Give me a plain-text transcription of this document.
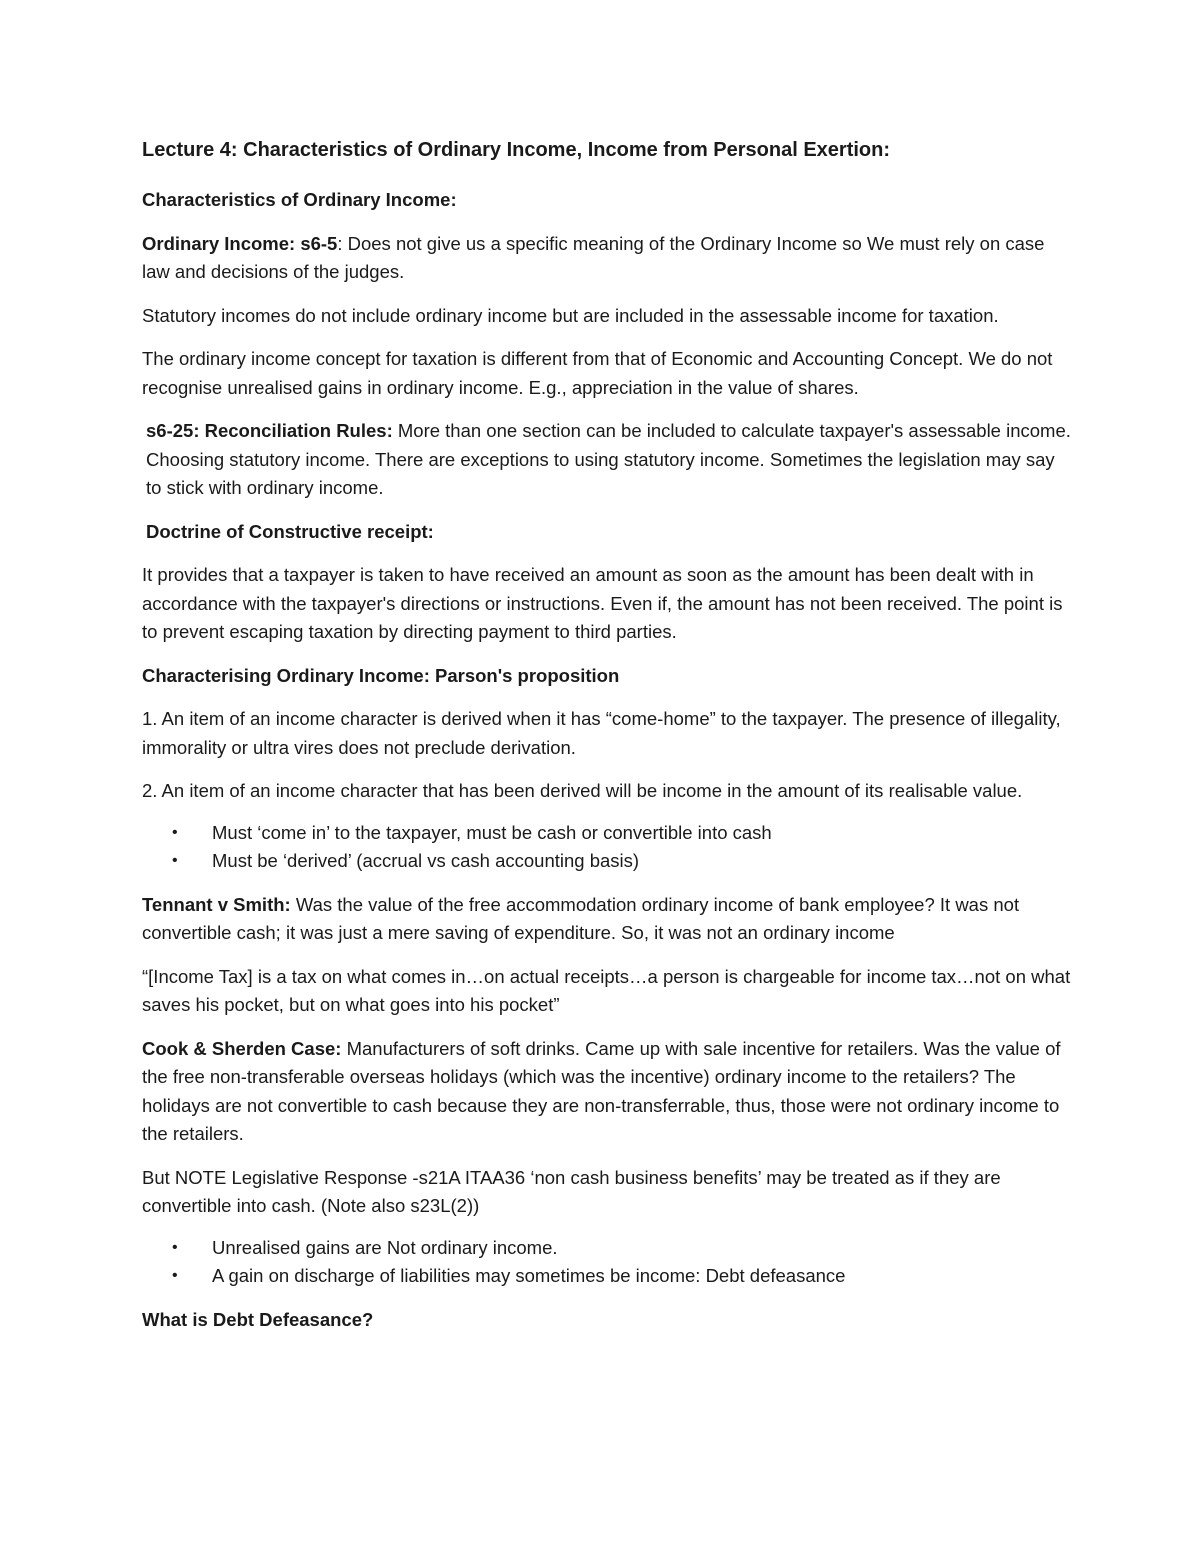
Lecture 4: Characteristics of Ordinary Income, Income from Personal Exertion:

Characteristics of Ordinary Income:

Ordinary Income: s6-5: Does not give us a specific meaning of the Ordinary Income so We must rely on case law and decisions of the judges.

Statutory incomes do not include ordinary income but are included in the assessable income for taxation.

The ordinary income concept for taxation is different from that of Economic and Accounting Concept. We do not recognise unrealised gains in ordinary income. E.g., appreciation in the value of shares.

s6-25: Reconciliation Rules: More than one section can be included to calculate taxpayer's assessable income. Choosing statutory income. There are exceptions to using statutory income. Sometimes the legislation may say to stick with ordinary income.

Doctrine of Constructive receipt:

It provides that a taxpayer is taken to have received an amount as soon as the amount has been dealt with in accordance with the taxpayer's directions or instructions. Even if, the amount has not been received. The point is to prevent escaping taxation by directing payment to third parties.

Characterising Ordinary Income: Parson's proposition

1. An item of an income character is derived when it has “come-home” to the taxpayer. The presence of illegality, immorality or ultra vires does not preclude derivation.

2. An item of an income character that has been derived will be income in the amount of its realisable value.

• Must ‘come in’ to the taxpayer, must be cash or convertible into cash
• Must be ‘derived’ (accrual vs cash accounting basis)

Tennant v Smith: Was the value of the free accommodation ordinary income of bank employee? It was not convertible cash; it was just a mere saving of expenditure. So, it was not an ordinary income

“[Income Tax] is a tax on what comes in…on actual receipts…a person is chargeable for income tax…not on what saves his pocket, but on what goes into his pocket”

Cook & Sherden Case: Manufacturers of soft drinks. Came up with sale incentive for retailers. Was the value of the free non-transferable overseas holidays (which was the incentive) ordinary income to the retailers? The holidays are not convertible to cash because they are non-transferrable, thus, those were not ordinary income to the retailers.

But NOTE Legislative Response -s21A ITAA36 ‘non cash business benefits’ may be treated as if they are convertible into cash. (Note also s23L(2))

• Unrealised gains are Not ordinary income.
• A gain on discharge of liabilities may sometimes be income: Debt defeasance

What is Debt Defeasance?
